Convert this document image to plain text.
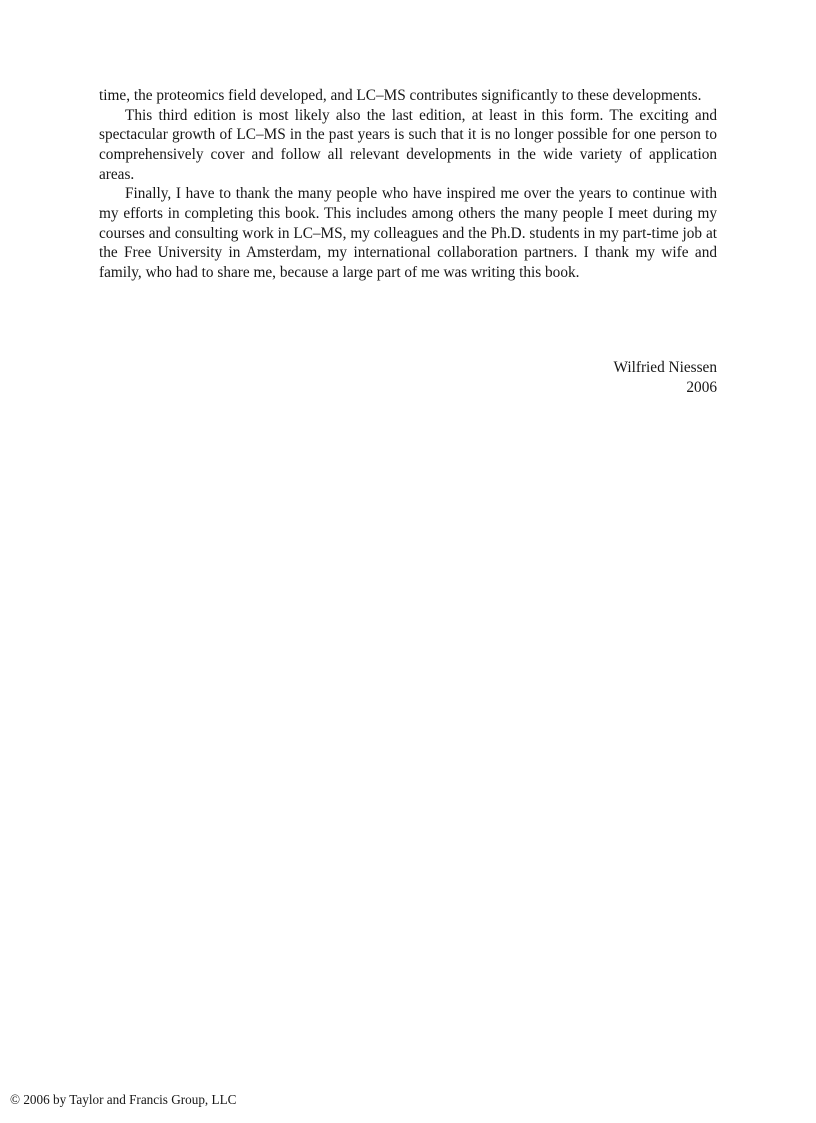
time, the proteomics field developed, and LC–MS contributes significantly to these developments.

This third edition is most likely also the last edition, at least in this form. The exciting and spectacular growth of LC–MS in the past years is such that it is no longer possible for one person to comprehensively cover and follow all relevant developments in the wide variety of application areas.

Finally, I have to thank the many people who have inspired me over the years to continue with my efforts in completing this book. This includes among others the many people I meet during my courses and consulting work in LC–MS, my colleagues and the Ph.D. students in my part-time job at the Free University in Amsterdam, my international collaboration partners. I thank my wife and family, who had to share me, because a large part of me was writing this book.

Wilfried Niessen
2006
© 2006 by Taylor and Francis Group, LLC
